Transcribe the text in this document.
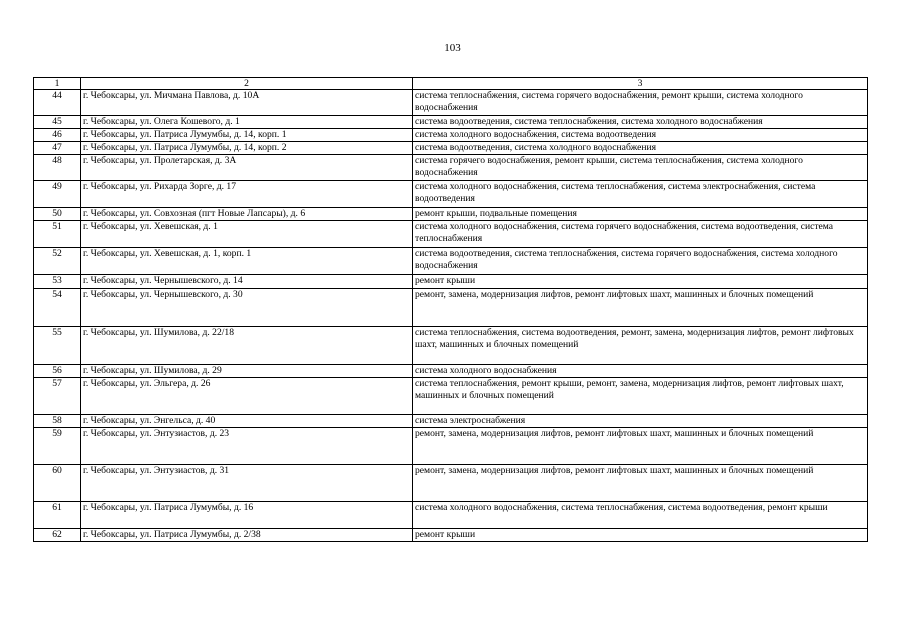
103
1	2	3
44	г. Чебоксары, ул. Мичмана Павлова, д. 10А	система теплоснабжения, система горячего водоснабжения, ремонт крыши, система холодного водоснабжения
45	г. Чебоксары, ул. Олега Кошевого, д. 1	система водоотведения, система теплоснабжения, система холодного водоснабжения
46	г. Чебоксары, ул. Патриса Лумумбы, д. 14, корп. 1	система холодного водоснабжения, система водоотведения
47	г. Чебоксары, ул. Патриса Лумумбы, д. 14, корп. 2	система водоотведения, система холодного водоснабжения
48	г. Чебоксары, ул. Пролетарская, д. 3А	система горячего водоснабжения, ремонт крыши, система теплоснабжения, система холодного водоснабжения
49	г. Чебоксары, ул. Рихарда Зорге, д. 17	система холодного водоснабжения, система теплоснабжения, система электроснабжения, система водоотведения
50	г. Чебоксары, ул. Совхозная (пгт Новые Лапсары), д. 6	ремонт крыши, подвальные помещения
51	г. Чебоксары, ул. Хевешская, д. 1	система холодного водоснабжения, система горячего водоснабжения, система водоотведения, система теплоснабжения
52	г. Чебоксары, ул. Хевешская, д. 1, корп. 1	система водоотведения, система теплоснабжения, система горячего водоснабжения, система холодного водоснабжения
53	г. Чебоксары, ул. Чернышевского, д. 14	ремонт крыши
54	г. Чебоксары, ул. Чернышевского, д. 30	ремонт, замена, модернизация лифтов, ремонт лифтовых шахт, машинных и блочных помещений
55	г. Чебоксары, ул. Шумилова, д. 22/18	система теплоснабжения, система водоотведения, ремонт, замена, модернизация лифтов, ремонт лифтовых шахт, машинных и блочных помещений
56	г. Чебоксары, ул. Шумилова, д. 29	система холодного водоснабжения
57	г. Чебоксары, ул. Эльгера, д. 26	система теплоснабжения, ремонт крыши, ремонт, замена, модернизация лифтов, ремонт лифтовых шахт, машинных и блочных помещений
58	г. Чебоксары, ул. Энгельса, д. 40	система электроснабжения
59	г. Чебоксары, ул. Энтузиастов, д. 23	ремонт, замена, модернизация лифтов, ремонт лифтовых шахт, машинных и блочных помещений
60	г. Чебоксары, ул. Энтузиастов, д. 31	ремонт, замена, модернизация лифтов, ремонт лифтовых шахт, машинных и блочных помещений
61	г. Чебоксары, ул. Патриса Лумумбы, д. 16	система холодного водоснабжения, система теплоснабжения, система водоотведения, ремонт крыши
62	г. Чебоксары, ул. Патриса Лумумбы, д. 2/38	ремонт крыши
